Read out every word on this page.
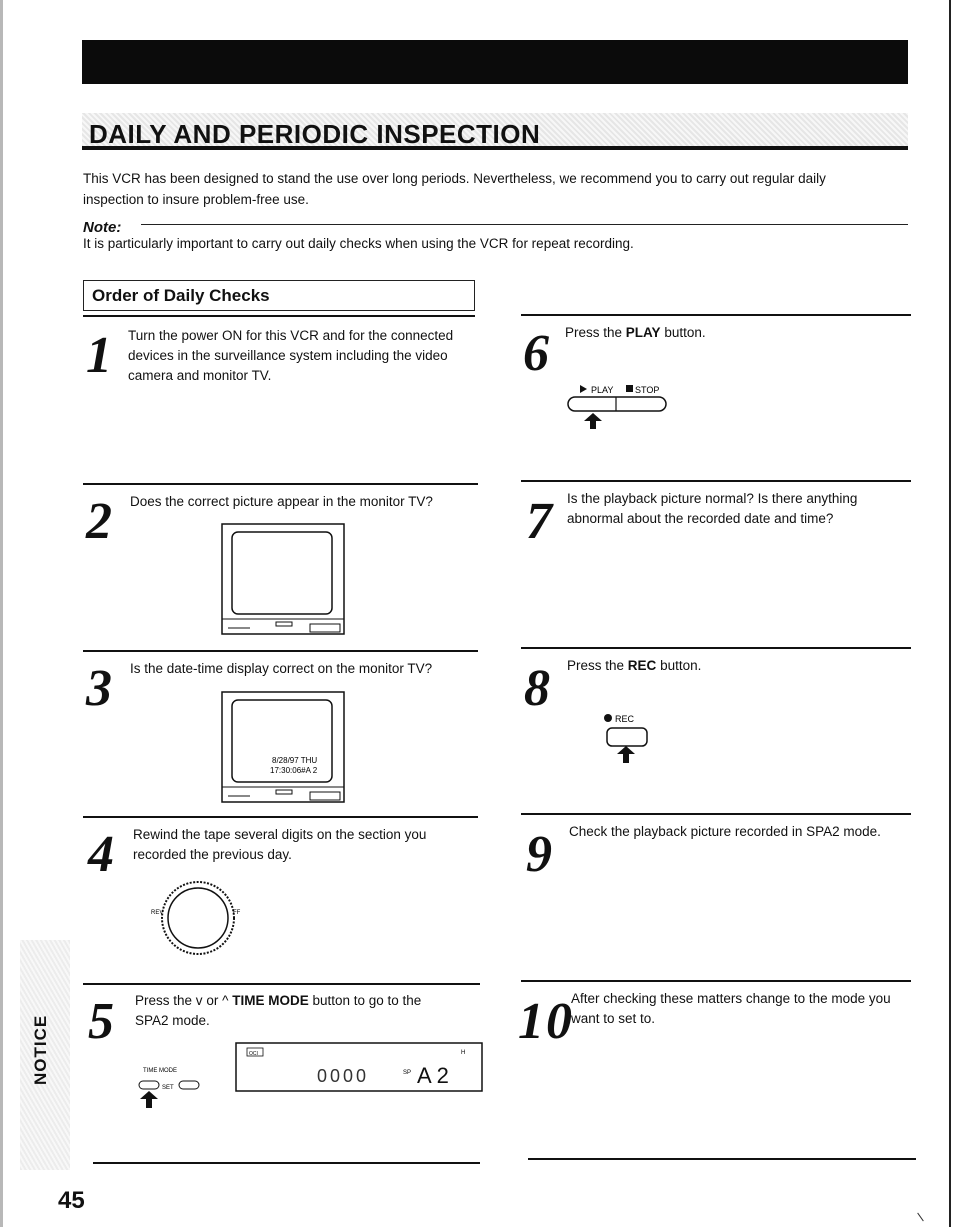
DAILY AND PERIODIC INSPECTION
This VCR has been designed to stand the use over long periods. Nevertheless, we recommend you to carry out regular daily inspection to insure problem-free use.
Note:
It is particularly important to carry out daily checks when using the VCR for repeat recording.
Order of Daily Checks
1 Turn the power ON for this VCR and for the connected devices in the surveillance system including the video camera and monitor TV.	6 Press the PLAY button.
PLAY STOP
2 Does the correct picture appear in the monitor TV?	7 Is the playback picture normal? Is there anything abnormal about the recorded date and time?
3 Is the date-time display correct on the monitor TV?
8/28/97 THU
17:30:06#A 2
8 Press the REC button.
REC
4 Rewind the tape several digits on the section you recorded the previous day.
REV	FF
9 Check the playback picture recorded in SPA2 mode.
5 Press the v or ^ TIME MODE button to go to the
SPA2 mode.
TIME MODE
SET
OCI	H
0000	SP A 2
10
After checking these matters change to the mode you want to set to.
NOTICE
45
